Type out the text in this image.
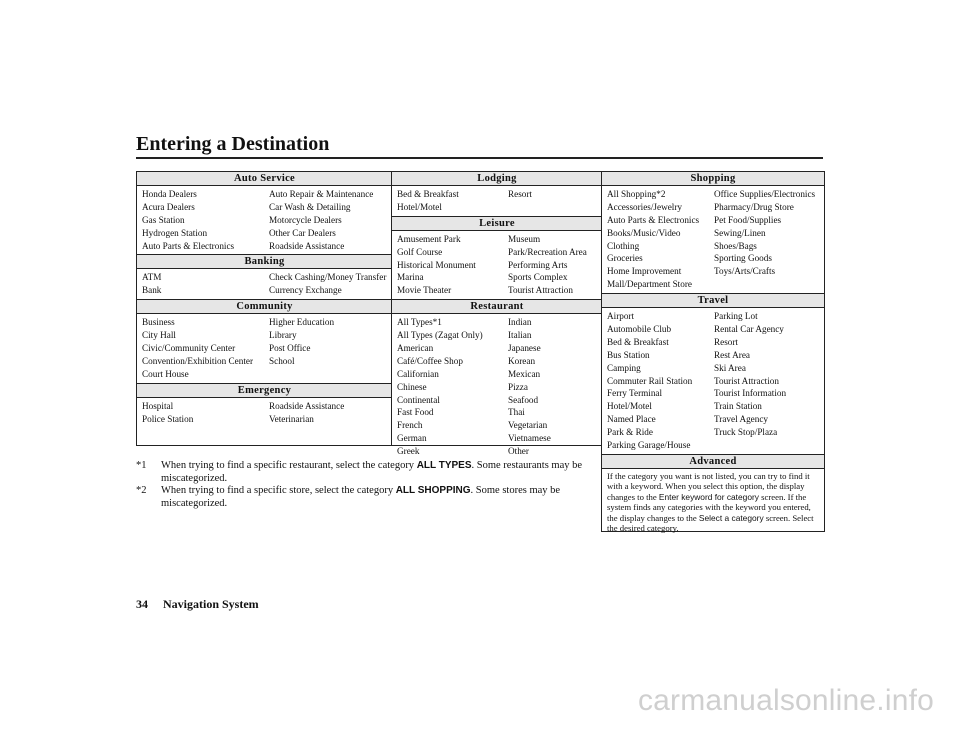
Entering a Destination
Auto Service
Honda Dealers	Auto Repair & Maintenance
Acura Dealers	Car Wash & Detailing
Gas Station	Motorcycle Dealers
Hydrogen Station	Other Car Dealers
Auto Parts & Electronics	Roadside Assistance
Banking
ATM	Check Cashing/Money Transfer
Bank	Currency Exchange
Community
Business	Higher Education
City Hall	Library
Civic/Community Center	Post Office
Convention/Exhibition Center	School
Court House
Emergency
Hospital	Roadside Assistance
Police Station	Veterinarian
Lodging
Bed & Breakfast	Resort
Hotel/Motel
Leisure
Amusement Park	Museum
Golf Course	Park/Recreation Area
Historical Monument	Performing Arts
Marina	Sports Complex
Movie Theater	Tourist Attraction
Restaurant
All Types*1	Indian
All Types (Zagat Only)	Italian
American	Japanese
Café/Coffee Shop	Korean
Californian	Mexican
Chinese	Pizza
Continental	Seafood
Fast Food	Thai
French	Vegetarian
German	Vietnamese
Greek	Other
Shopping
All Shopping*2	Office Supplies/Electronics
Accessories/Jewelry	Pharmacy/Drug Store
Auto Parts & Electronics	Pet Food/Supplies
Books/Music/Video	Sewing/Linen
Clothing	Shoes/Bags
Groceries	Sporting Goods
Home Improvement	Toys/Arts/Crafts
Mall/Department Store
Travel
Airport	Parking Lot
Automobile Club	Rental Car Agency
Bed & Breakfast	Resort
Bus Station	Rest Area
Camping	Ski Area
Commuter Rail Station	Tourist Attraction
Ferry Terminal	Tourist Information
Hotel/Motel	Train Station
Named Place	Travel Agency
Park & Ride	Truck Stop/Plaza
Parking Garage/House
Advanced
If the category you want is not listed, you can try to find it with a keyword. When you select this option, the display changes to the Enter keyword for category screen. If the system finds any categories with the keyword you entered, the display changes to the Select a category screen. Select the desired category.
*1	When trying to find a specific restaurant, select the category ALL TYPES. Some restaurants may be miscategorized.
*2	When trying to find a specific store, select the category ALL SHOPPING. Some stores may be miscategorized.
34 Navigation System
carmanualsonline.info
